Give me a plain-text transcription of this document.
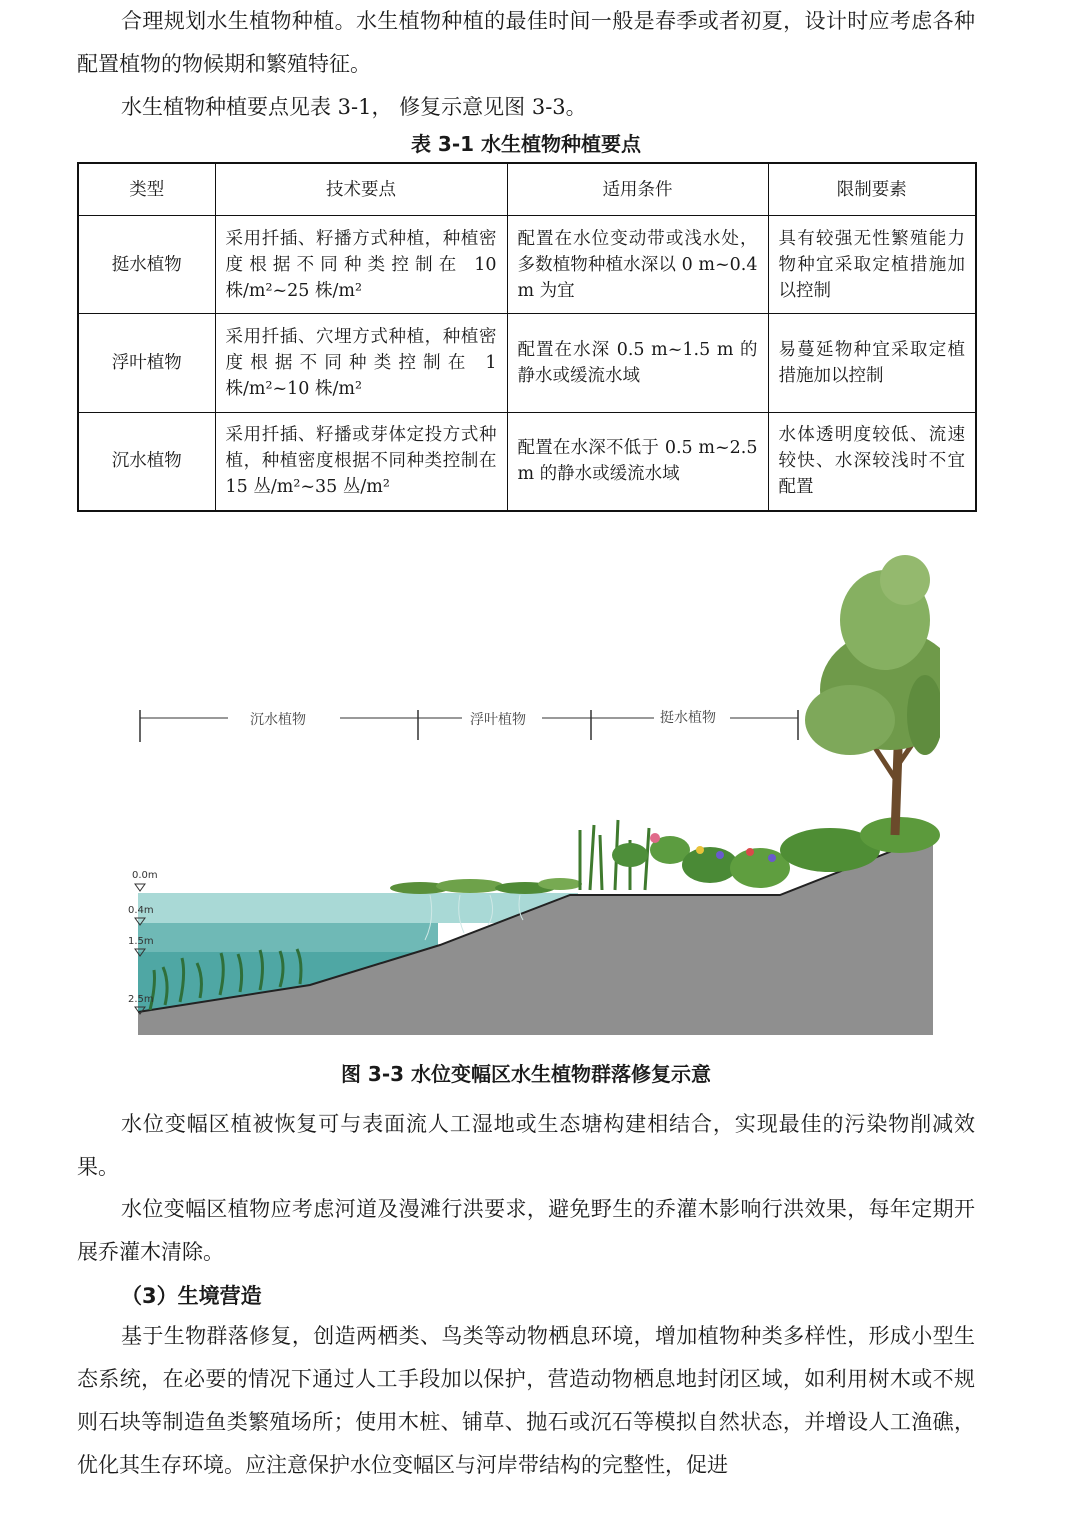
合理规划水生植物种植。水生植物种植的最佳时间一般是春季或者初夏，设计时应考虑各种配置植物的物候期和繁殖特征。

水生植物种植要点见表 3-1， 修复示意见图 3-3。

表 3-1 水生植物种植要点

类型	技术要点	适用条件	限制要素
挺水植物	采用扦插、籽播方式种植，种植密度根据不同种类控制在 10 株/m²~25 株/m²	配置在水位变动带或浅水处，多数植物种植水深以 0 m~0.4 m 为宜	具有较强无性繁殖能力物种宜采取定植措施加以控制
浮叶植物	采用扦插、穴埋方式种植，种植密度根据不同种类控制在 1 株/m²~10 株/m²	配置在水深 0.5 m~1.5 m 的静水或缓流水域	易蔓延物种宜采取定植措施加以控制
沉水植物	采用扦插、籽播或芽体定投方式种植，种植密度根据不同种类控制在 15 丛/m²~35 丛/m²	配置在水深不低于 0.5 m~2.5 m 的静水或缓流水域	水体透明度较低、流速较快、水深较浅时不宜配置
沉水植物	浮叶植物	挺水植物
0.0m
0.4m
1.5m
2.5m

图 3-3 水位变幅区水生植物群落修复示意

水位变幅区植被恢复可与表面流人工湿地或生态塘构建相结合，实现最佳的污染物削减效果。

水位变幅区植物应考虑河道及漫滩行洪要求，避免野生的乔灌木影响行洪效果，每年定期开展乔灌木清除。

（3）生境营造

基于生物群落修复，创造两栖类、鸟类等动物栖息环境，增加植物种类多样性，形成小型生态系统，在必要的情况下通过人工手段加以保护，营造动物栖息地封闭区域，如利用树木或不规则石块等制造鱼类繁殖场所；使用木桩、铺草、抛石或沉石等模拟自然状态，并增设人工渔礁，优化其生存环境。应注意保护水位变幅区与河岸带结构的完整性，促进
